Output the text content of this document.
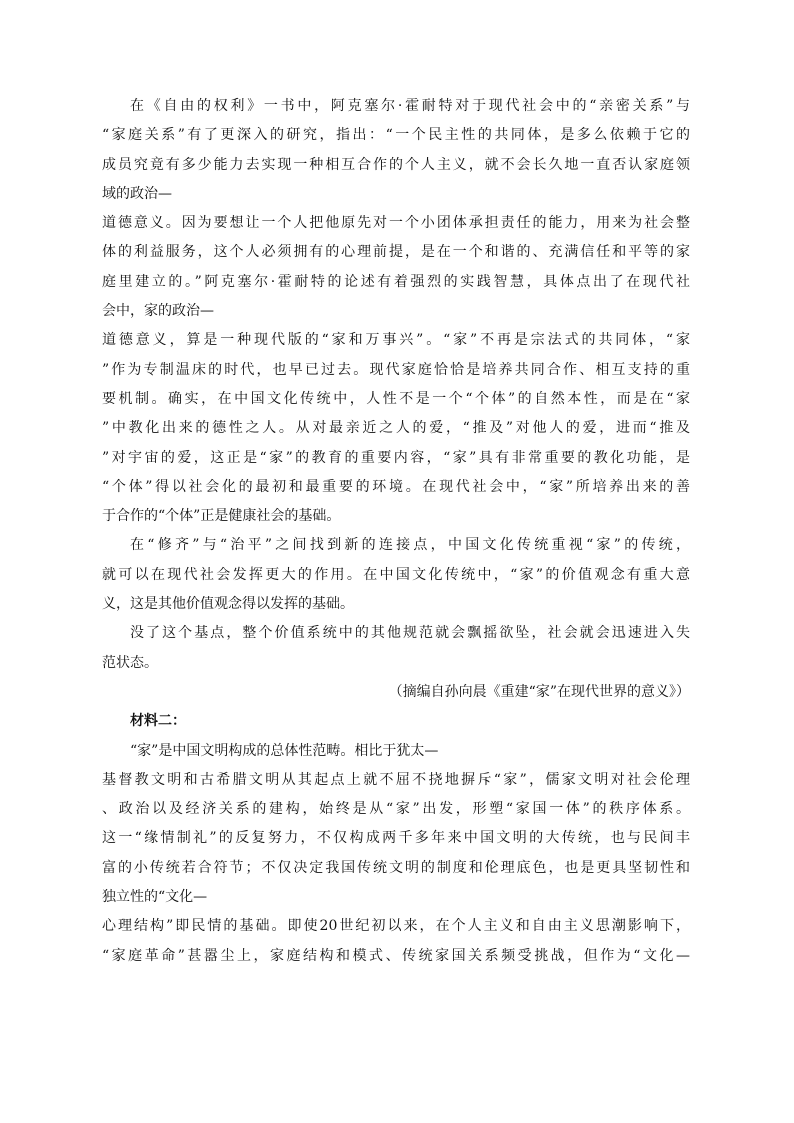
在《自由的权利》一书中，阿克塞尔·霍耐特对于现代社会中的“亲密关系”与
“家庭关系”有了更深入的研究，指出：“一个民主性的共同体，是多么依赖于它的
成员究竟有多少能力去实现一种相互合作的个人主义，就不会长久地一直否认家庭领
域的政治—
道德意义。因为要想让一个人把他原先对一个小团体承担责任的能力，用来为社会整
体的利益服务，这个人必须拥有的心理前提，是在一个和谐的、充满信任和平等的家
庭里建立的。”阿克塞尔·霍耐特的论述有着强烈的实践智慧，具体点出了在现代社
会中，家的政治—
道德意义，算是一种现代版的“家和万事兴”。“家”不再是宗法式的共同体，“家
”作为专制温床的时代，也早已过去。现代家庭恰恰是培养共同合作、相互支持的重
要机制。确实，在中国文化传统中，人性不是一个“个体”的自然本性，而是在“家
”中教化出来的德性之人。从对最亲近之人的爱，“推及”对他人的爱，进而“推及
”对宇宙的爱，这正是“家”的教育的重要内容，“家”具有非常重要的教化功能，是
“个体”得以社会化的最初和最重要的环境。在现代社会中，“家”所培养出来的善
于合作的“个体”正是健康社会的基础。
在“修齐”与“治平”之间找到新的连接点，中国文化传统重视“家”的传统，
就可以在现代社会发挥更大的作用。在中国文化传统中，“家”的价值观念有重大意
义，这是其他价值观念得以发挥的基础。
没了这个基点，整个价值系统中的其他规范就会飘摇欲坠，社会就会迅速进入失
范状态。
（摘编自孙向晨《重建“家”在现代世界的意义》）
材料二：
“家”是中国文明构成的总体性范畴。相比于犹太—
基督教文明和古希腊文明从其起点上就不屈不挠地摒斥“家”，儒家文明对社会伦理
、政治以及经济关系的建构，始终是从“家”出发，形塑“家国一体”的秩序体系。
这一“缘情制礼”的反复努力，不仅构成两千多年来中国文明的大传统，也与民间丰
富的小传统若合符节；不仅决定我国传统文明的制度和伦理底色，也是更具坚韧性和
独立性的“文化—
心理结构”即民情的基础。即使20世纪初以来，在个人主义和自由主义思潮影响下，
“家庭革命”甚嚣尘上，家庭结构和模式、传统家国关系频受挑战，但作为“文化—
